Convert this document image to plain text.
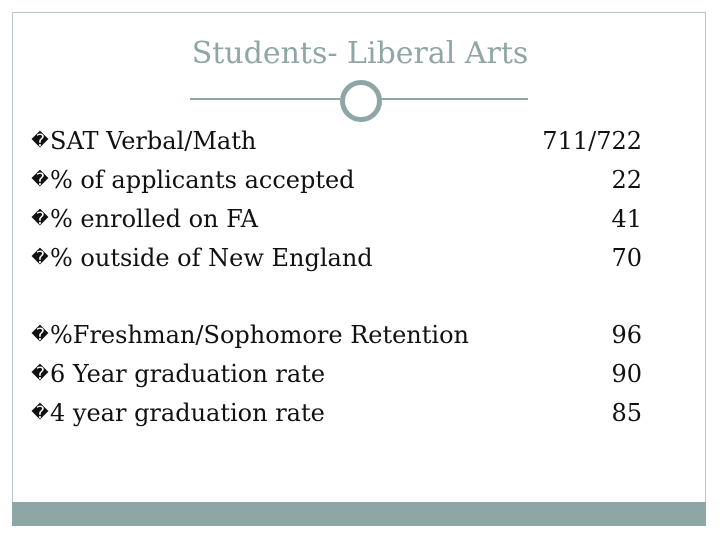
Students- Liberal Arts
�SAT Verbal/Math	711/722
�% of applicants accepted	22
�% enrolled on FA	41
�% outside of New England	70
�%Freshman/Sophomore Retention	96
�6 Year graduation rate	90
�4 year graduation rate	85
